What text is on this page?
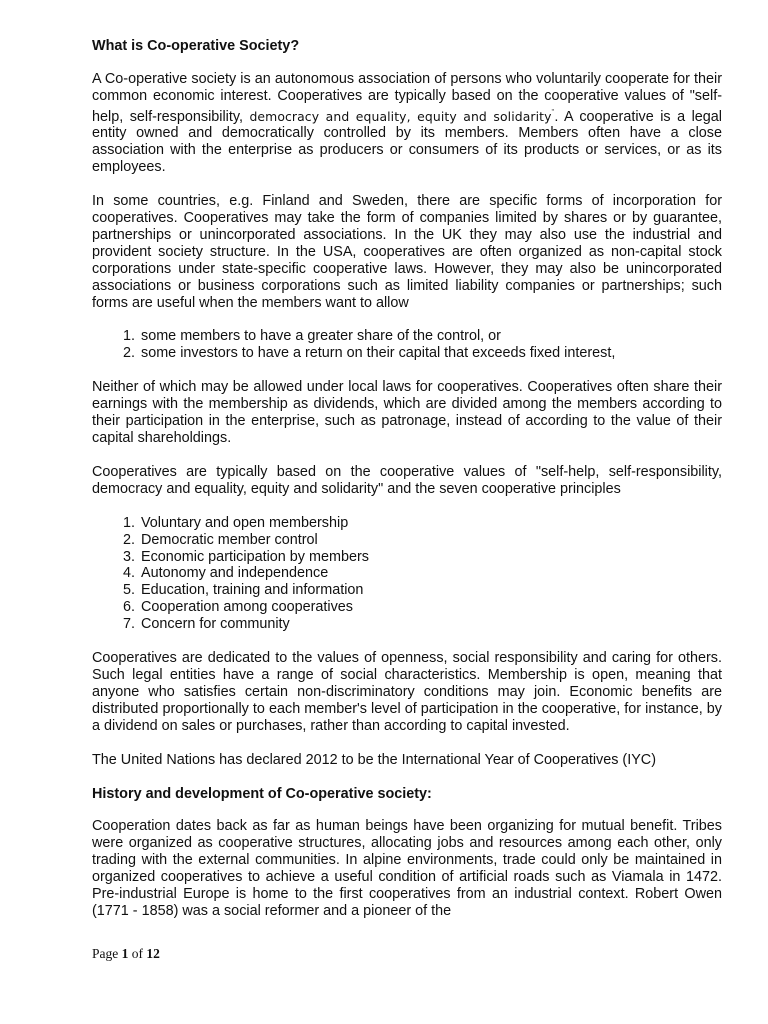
What is Co-operative Society?

A Co-operative society is an autonomous association of persons who voluntarily cooperate for their common economic interest. Cooperatives are typically based on the cooperative values of "self-help, self-responsibility, democracy and equality, equity and solidarity". A cooperative is a legal entity owned and democratically controlled by its members. Members often have a close association with the enterprise as producers or consumers of its products or services, or as its employees.

In some countries, e.g. Finland and Sweden, there are specific forms of incorporation for cooperatives. Cooperatives may take the form of companies limited by shares or by guarantee, partnerships or unincorporated associations. In the UK they may also use the industrial and provident society structure. In the USA, cooperatives are often organized as non-capital stock corporations under state-specific cooperative laws. However, they may also be unincorporated associations or business corporations such as limited liability companies or partnerships; such forms are useful when the members want to allow

1. some members to have a greater share of the control, or
2. some investors to have a return on their capital that exceeds fixed interest,

Neither of which may be allowed under local laws for cooperatives. Cooperatives often share their earnings with the membership as dividends, which are divided among the members according to their participation in the enterprise, such as patronage, instead of according to the value of their capital shareholdings.

Cooperatives are typically based on the cooperative values of "self-help, self-responsibility, democracy and equality, equity and solidarity" and the seven cooperative principles

1. Voluntary and open membership
2. Democratic member control
3. Economic participation by members
4. Autonomy and independence
5. Education, training and information
6. Cooperation among cooperatives
7. Concern for community

Cooperatives are dedicated to the values of openness, social responsibility and caring for others. Such legal entities have a range of social characteristics. Membership is open, meaning that anyone who satisfies certain non-discriminatory conditions may join. Economic benefits are distributed proportionally to each member's level of participation in the cooperative, for instance, by a dividend on sales or purchases, rather than according to capital invested.

The United Nations has declared 2012 to be the International Year of Cooperatives (IYC)

History and development of Co-operative society:

Cooperation dates back as far as human beings have been organizing for mutual benefit. Tribes were organized as cooperative structures, allocating jobs and resources among each other, only trading with the external communities. In alpine environments, trade could only be maintained in organized cooperatives to achieve a useful condition of artificial roads such as Viamala in 1472. Pre-industrial Europe is home to the first cooperatives from an industrial context. Robert Owen (1771 - 1858) was a social reformer and a pioneer of the

Page 1 of 12
